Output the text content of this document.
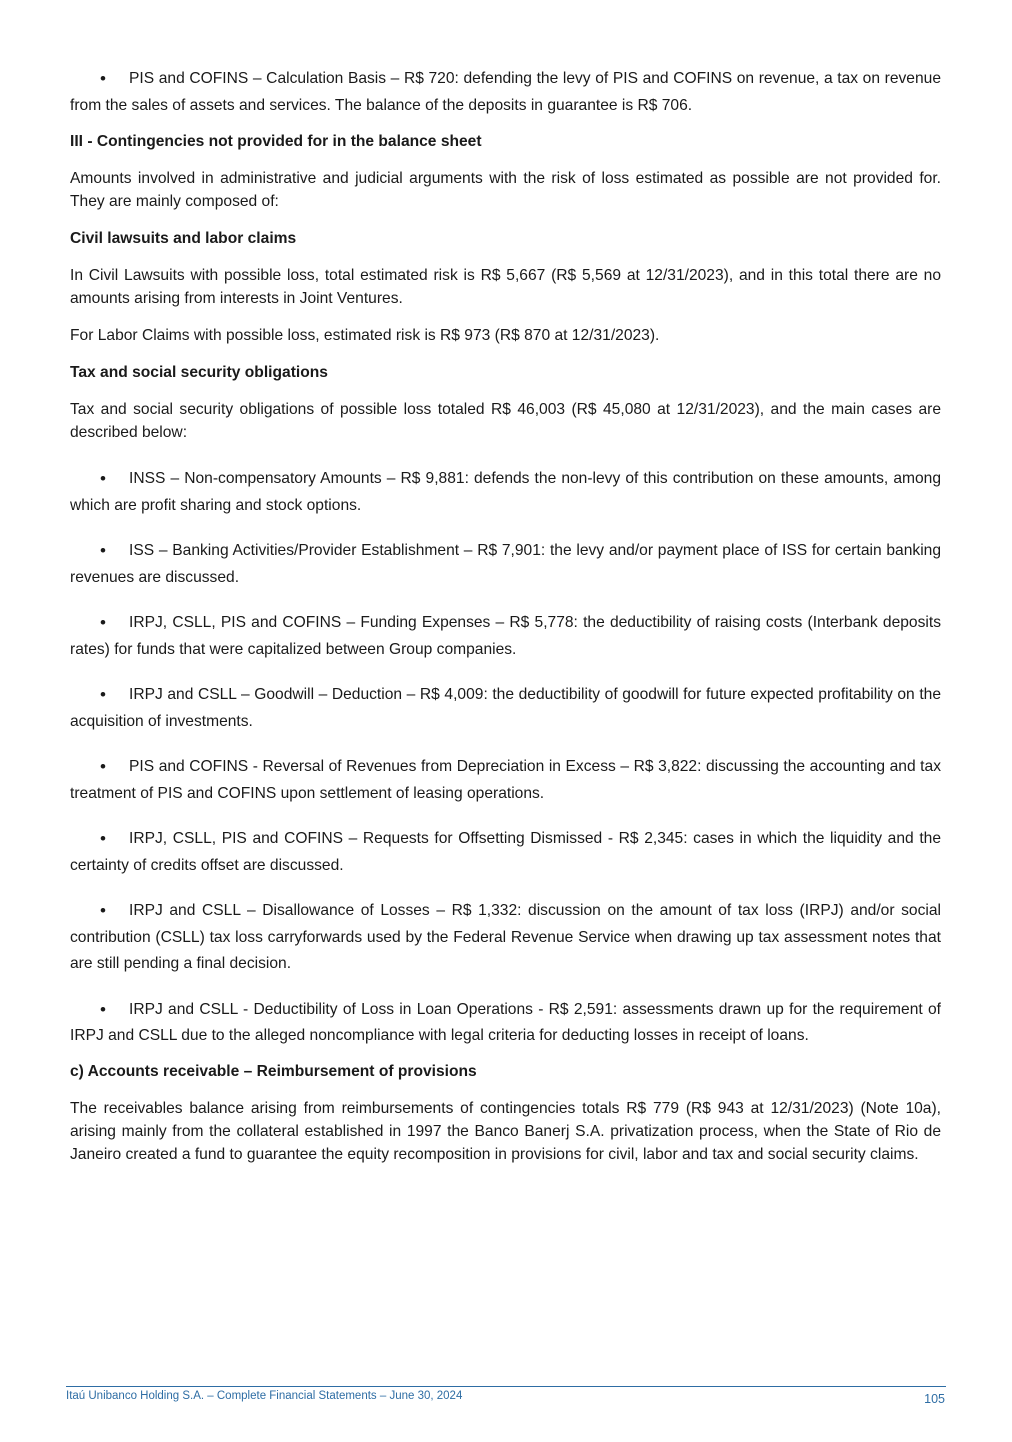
• PIS and COFINS – Calculation Basis – R$ 720: defending the levy of PIS and COFINS on revenue, a tax on revenue from the sales of assets and services. The balance of the deposits in guarantee is R$ 706.

III - Contingencies not provided for in the balance sheet

Amounts involved in administrative and judicial arguments with the risk of loss estimated as possible are not provided for. They are mainly composed of:

Civil lawsuits and labor claims

In Civil Lawsuits with possible loss, total estimated risk is R$ 5,667 (R$ 5,569 at 12/31/2023), and in this total there are no amounts arising from interests in Joint Ventures.

For Labor Claims with possible loss, estimated risk is R$ 973 (R$ 870 at 12/31/2023).

Tax and social security obligations

Tax and social security obligations of possible loss totaled R$ 46,003 (R$ 45,080 at 12/31/2023), and the main cases are described below:

• INSS – Non-compensatory Amounts – R$ 9,881: defends the non-levy of this contribution on these amounts, among which are profit sharing and stock options.

• ISS – Banking Activities/Provider Establishment – R$ 7,901: the levy and/or payment place of ISS for certain banking revenues are discussed.

• IRPJ, CSLL, PIS and COFINS – Funding Expenses – R$ 5,778: the deductibility of raising costs (Interbank deposits rates) for funds that were capitalized between Group companies.

• IRPJ and CSLL – Goodwill – Deduction – R$ 4,009: the deductibility of goodwill for future expected profitability on the acquisition of investments.

• PIS and COFINS - Reversal of Revenues from Depreciation in Excess – R$ 3,822: discussing the accounting and tax treatment of PIS and COFINS upon settlement of leasing operations.

• IRPJ, CSLL, PIS and COFINS – Requests for Offsetting Dismissed - R$ 2,345: cases in which the liquidity and the certainty of credits offset are discussed.

• IRPJ and CSLL – Disallowance of Losses – R$ 1,332: discussion on the amount of tax loss (IRPJ) and/or social contribution (CSLL) tax loss carryforwards used by the Federal Revenue Service when drawing up tax assessment notes that are still pending a final decision.

• IRPJ and CSLL - Deductibility of Loss in Loan Operations - R$ 2,591: assessments drawn up for the requirement of IRPJ and CSLL due to the alleged noncompliance with legal criteria for deducting losses in receipt of loans.

c) Accounts receivable – Reimbursement of provisions

The receivables balance arising from reimbursements of contingencies totals R$ 779 (R$ 943 at 12/31/2023) (Note 10a), arising mainly from the collateral established in 1997 the Banco Banerj S.A. privatization process, when the State of Rio de Janeiro created a fund to guarantee the equity recomposition in provisions for civil, labor and tax and social security claims.

Itaú Unibanco Holding S.A. – Complete Financial Statements – June 30, 2024	105
